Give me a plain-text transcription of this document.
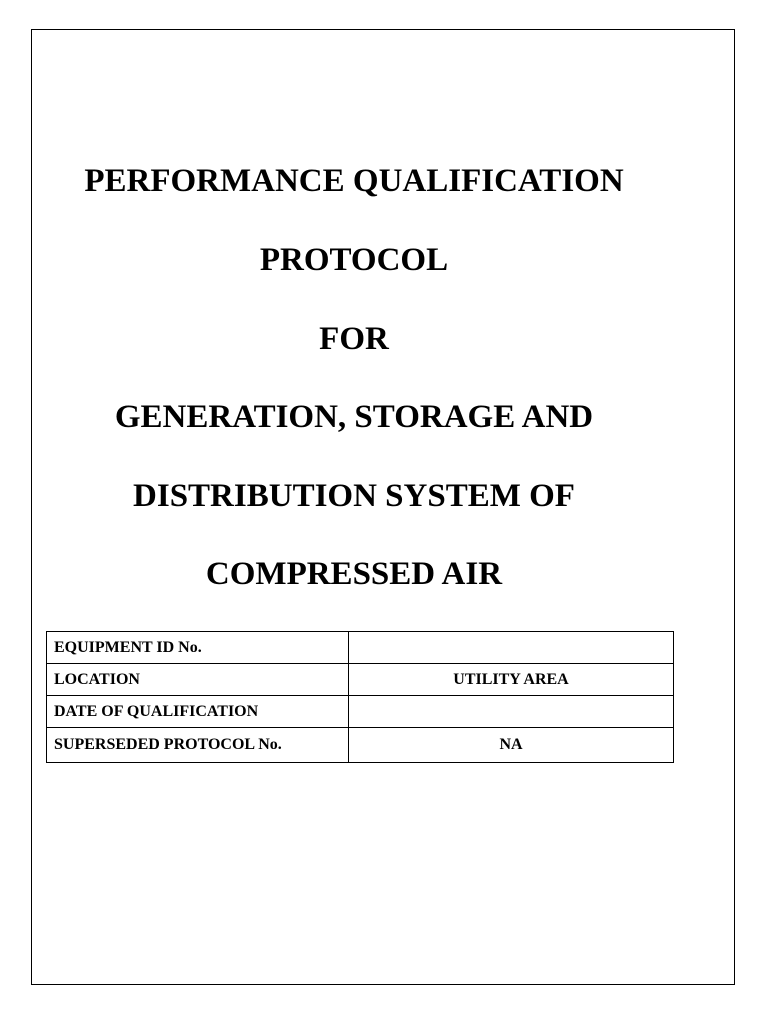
PERFORMANCE QUALIFICATION
PROTOCOL
FOR
GENERATION, STORAGE AND
DISTRIBUTION SYSTEM OF
COMPRESSED AIR
EQUIPMENT ID No.	
LOCATION	UTILITY AREA
DATE OF QUALIFICATION	
SUPERSEDED PROTOCOL No.	NA
